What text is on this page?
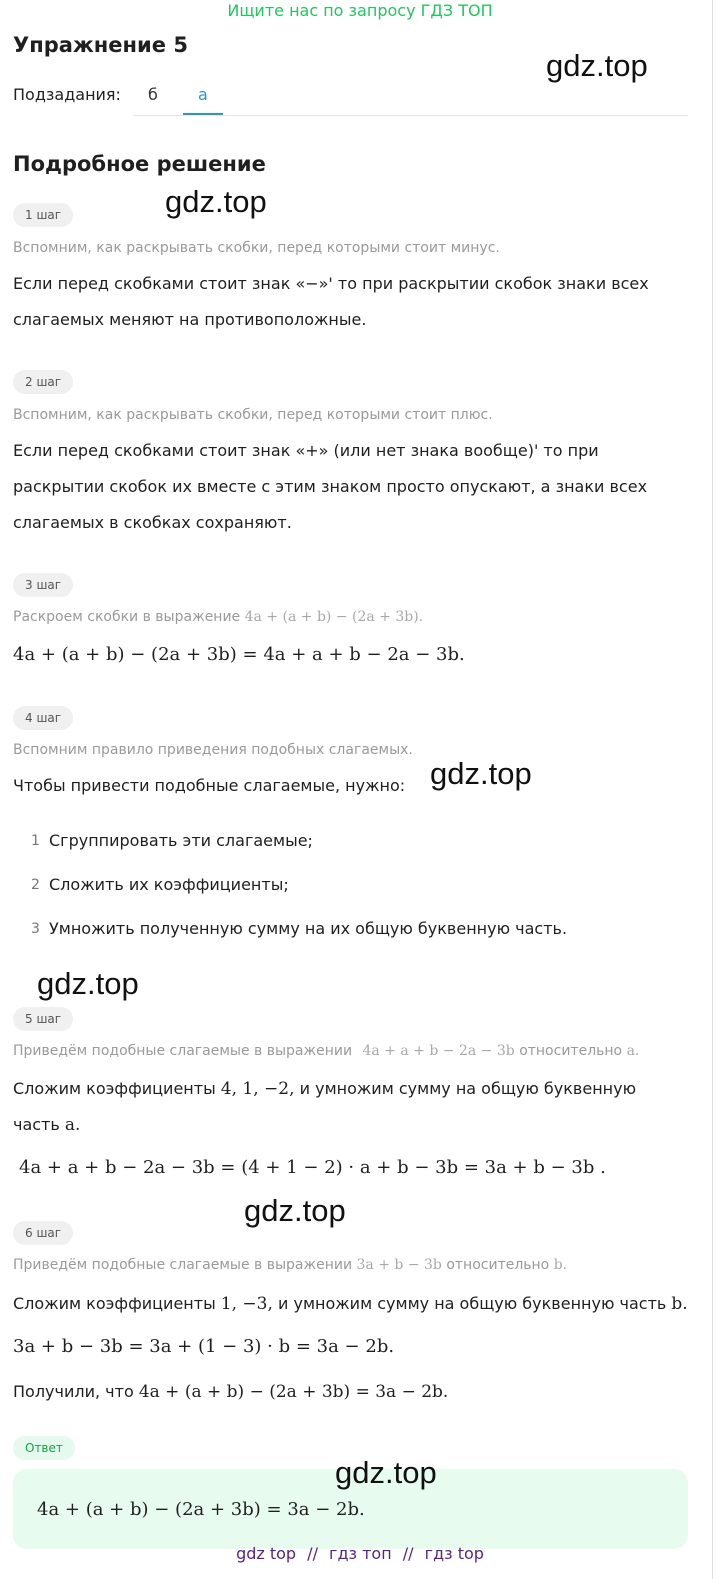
Ищите нас по запросу ГДЗ ТОП
Упражнение 5
gdz.top
Подзадания: б	а
Подробное решение
gdz.top
1 шаг
Вспомним, как раскрывать скобки, перед которыми стоит минус.
Если перед скобками стоит знак «−»' то при раскрытии скобок знаки всех
слагаемых меняют на противоположные.
2 шаг
Вспомним, как раскрывать скобки, перед которыми стоит плюс.
Если перед скобками стоит знак «+» (или нет знака вообще)' то при
раскрытии скобок их вместе с этим знаком просто опускают, а знаки всех
слагаемых в скобках сохраняют.
3 шаг
Раскроем скобки в выражение 4a + (a + b) − (2a + 3b).
4a + (a + b) − (2a + 3b) = 4a + a + b − 2a − 3b.
4 шаг
Вспомним правило приведения подобных слагаемых.
gdz.top
Чтобы привести подобные слагаемые, нужно:
1 Сгруппировать эти слагаемые;
2 Сложить их коэффициенты;
3 Умножить полученную сумму на их общую буквенную часть.
gdz.top
5 шаг
Приведём подобные слагаемые в выражении 4a + a + b − 2a − 3b относительно a.
Сложим коэффициенты 4, 1, −2, и умножим сумму на общую буквенную
часть a.
4a + a + b − 2a − 3b = (4 + 1 − 2) · a + b − 3b = 3a + b − 3b .
gdz.top
6 шаг
Приведём подобные слагаемые в выражении 3a + b − 3b относительно b.
Сложим коэффициенты 1, −3, и умножим сумму на общую буквенную часть b.
3a + b − 3b = 3a + (1 − 3) · b = 3a − 2b.
Получили, что 4a + (a + b) − (2a + 3b) = 3a − 2b.
Ответ
4a + (a + b) − (2a + 3b) = 3a − 2b.
gdz.top
gdz top // гдз топ // гдз top
